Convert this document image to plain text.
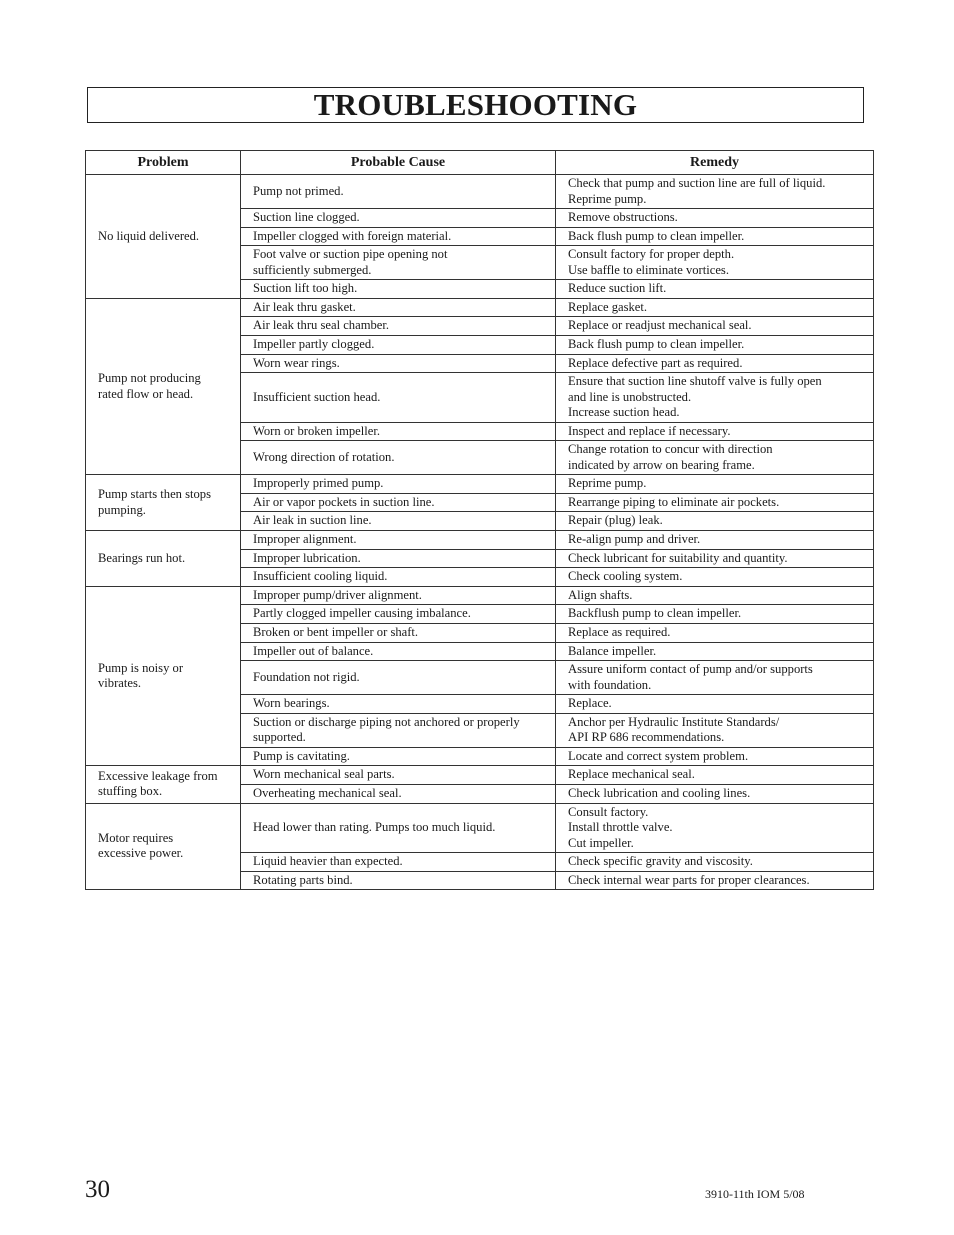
TROUBLESHOOTING
Problem	Probable Cause	Remedy
No liquid delivered.	Pump not primed.	Check that pump and suction line are full of liquid.
Reprime pump.
	Suction line clogged.	Remove obstructions.
	Impeller clogged with foreign material.	Back flush pump to clean impeller.
	Foot valve or suction pipe opening not
sufficiently submerged.	Consult factory for proper depth.
Use baffle to eliminate vortices.
	Suction lift too high.	Reduce suction lift.
Pump not producing
rated flow or head.	Air leak thru gasket.	Replace gasket.
	Air leak thru seal chamber.	Replace or readjust mechanical seal.
	Impeller partly clogged.	Back flush pump to clean impeller.
	Worn wear rings.	Replace defective part as required.
	Insufficient suction head.	Ensure that suction line shutoff valve is fully open
and line is unobstructed.
Increase suction head.
	Worn or broken impeller.	Inspect and replace if necessary.
	Wrong direction of rotation.	Change rotation to concur with direction
indicated by arrow on bearing frame.
Pump starts then stops
pumping.	Improperly primed pump.	Reprime pump.
	Air or vapor pockets in suction line.	Rearrange piping to eliminate air pockets.
	Air leak in suction line.	Repair (plug) leak.
Bearings run hot.	Improper alignment.	Re-align pump and driver.
	Improper lubrication.	Check lubricant for suitability and quantity.
	Insufficient cooling liquid.	Check cooling system.
Pump is noisy or
vibrates.	Improper pump/driver alignment.	Align shafts.
	Partly clogged impeller causing imbalance.	Backflush pump to clean impeller.
	Broken or bent impeller or shaft.	Replace as required.
	Impeller out of balance.	Balance impeller.
	Foundation not rigid.	Assure uniform contact of pump and/or supports
with foundation.
	Worn bearings.	Replace.
	Suction or discharge piping not anchored or properly
supported.	Anchor per Hydraulic Institute Standards/
API RP 686 recommendations.
	Pump is cavitating.	Locate and correct system problem.
Excessive leakage from
stuffing box.	Worn mechanical seal parts.	Replace mechanical seal.
	Overheating mechanical seal.	Check lubrication and cooling lines.
Motor requires
excessive power.	Head lower than rating. Pumps too much liquid.	Consult factory.
Install throttle valve.
Cut impeller.
	Liquid heavier than expected.	Check specific gravity and viscosity.
	Rotating parts bind.	Check internal wear parts for proper clearances.
30	3910-11th IOM 5/08
